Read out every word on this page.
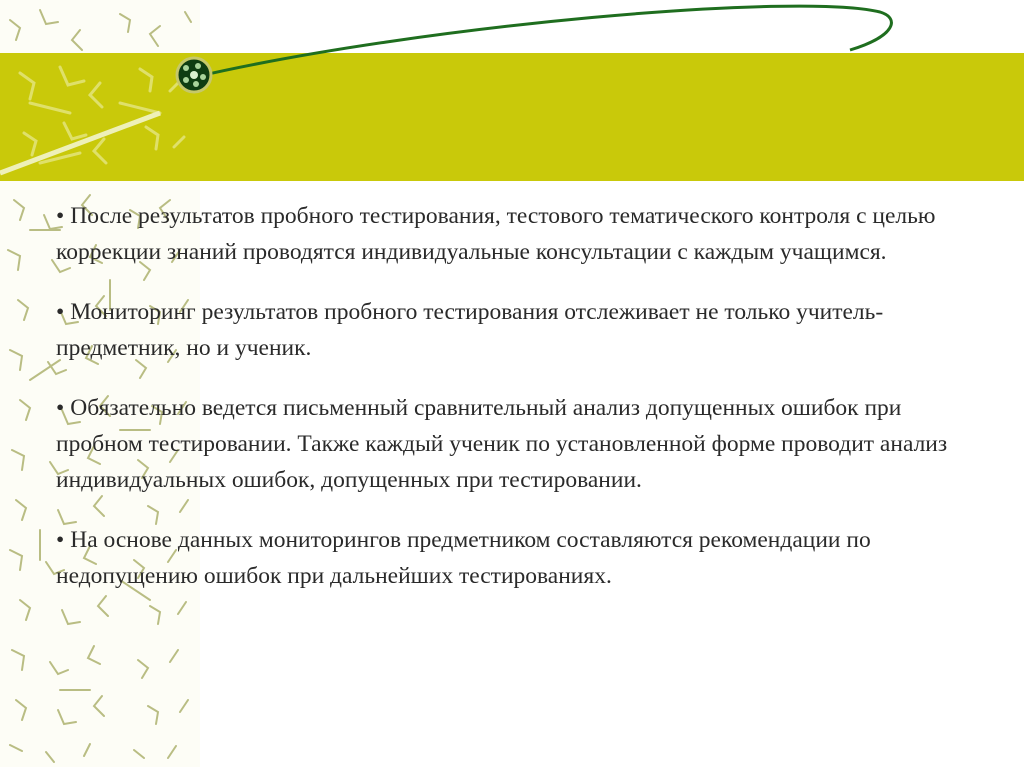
• После результатов пробного тестирования, тестового тематического контроля с целью коррекции знаний проводятся индивидуальные консультации с каждым учащимся.

• Мониторинг результатов пробного тестирования отслеживает не только учитель-предметник, но и ученик.

• Обязательно ведется письменный сравнительный анализ допущенных ошибок при пробном тестировании. Также каждый ученик по установленной форме проводит анализ индивидуальных ошибок, допущенных при тестировании.

• На основе данных мониторингов предметником составляются рекомендации по недопущению ошибок при дальнейших тестированиях.
